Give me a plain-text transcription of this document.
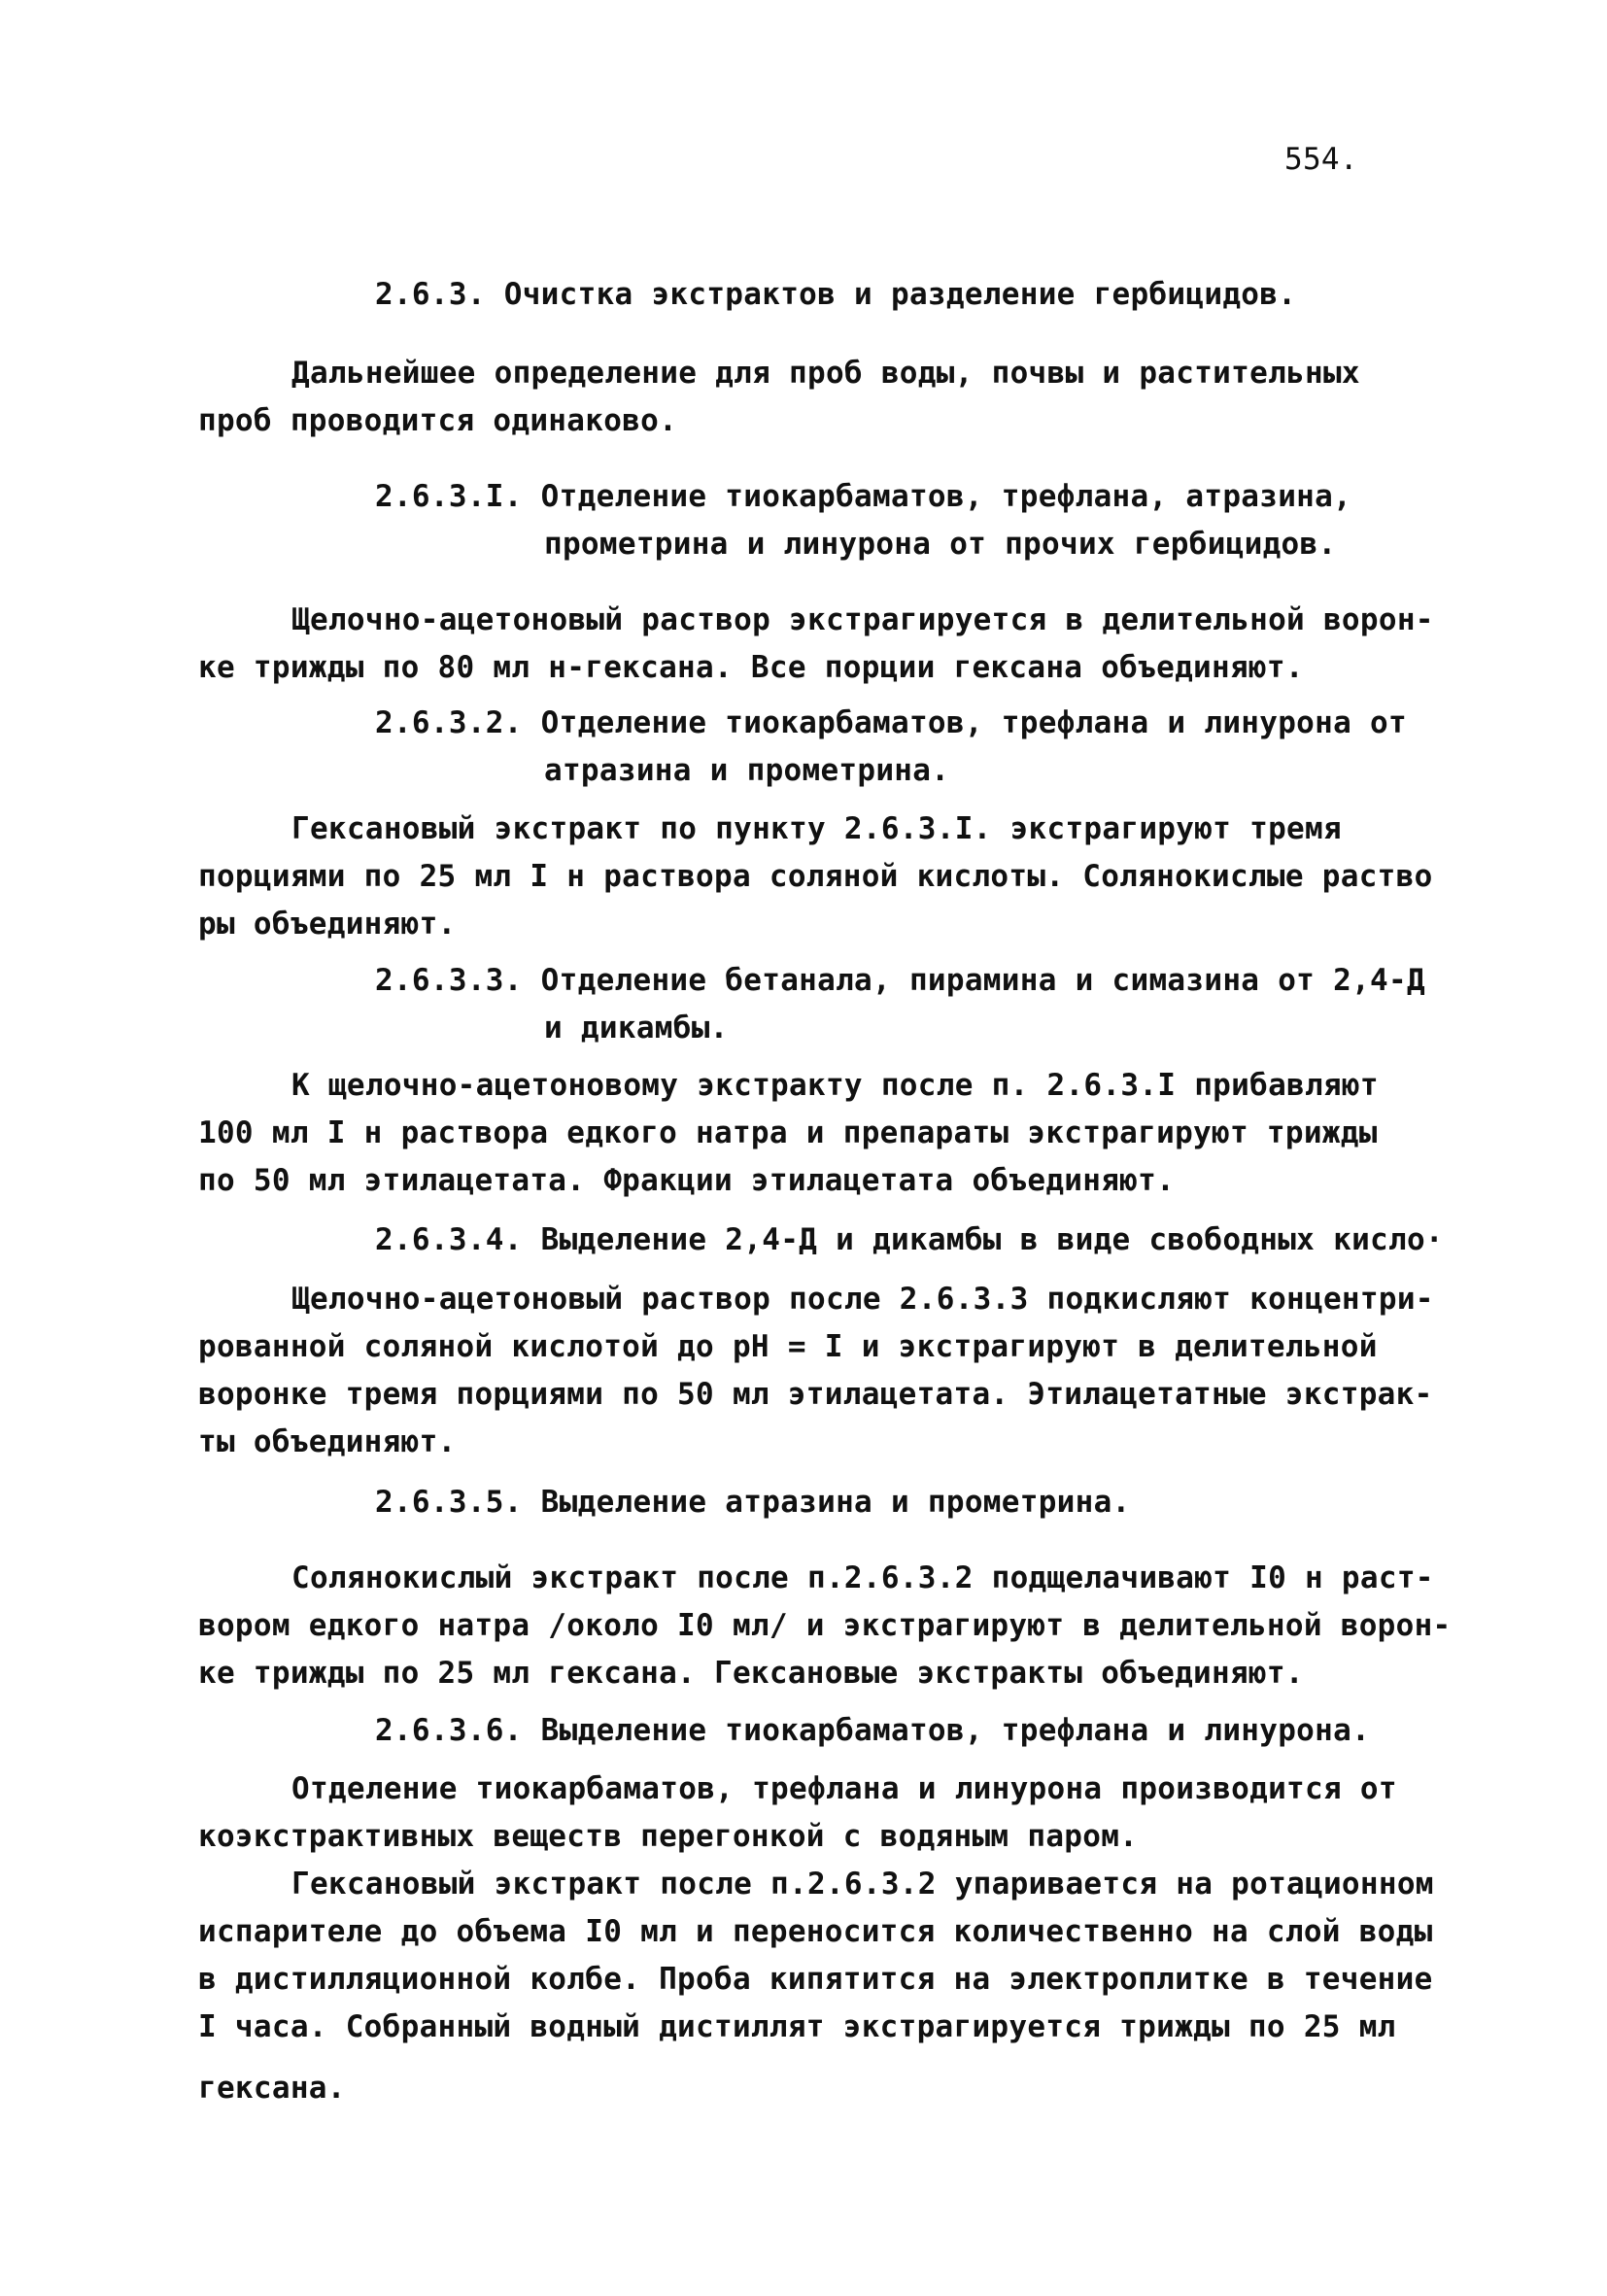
554.
2.6.3. Очистка экстрактов и разделение гербицидов.
Дальнейшее определение для проб воды, почвы и растительных
проб проводится одинаково.
2.6.3.I. Отделение тиокарбаматов, трефлана, атразина,
прометрина и линурона от прочих гербицидов.
Щелочно-ацетоновый раствор экстрагируется в делительной ворон-
ке трижды по 80 мл н-гексана. Все порции гексана объединяют.
2.6.3.2. Отделение тиокарбаматов, трефлана и линурона от
атразина и прометрина.
Гексановый экстракт по пункту 2.6.3.I. экстрагируют тремя
порциями по 25 мл I н раствора соляной кислоты. Солянокислые раство
ры объединяют.
2.6.3.3. Отделение бетанала, пирамина и симазина от 2,4-Д
и дикамбы.
К щелочно-ацетоновому экстракту после п. 2.6.3.I прибавляют
100 мл I н раствора едкого натра и препараты экстрагируют трижды
по 50 мл этилацетата. Фракции этилацетата объединяют.
2.6.3.4. Выделение 2,4-Д и дикамбы в виде свободных кисло·
Щелочно-ацетоновый раствор после 2.6.3.3 подкисляют концентри-
рованной соляной кислотой до pH = I и экстрагируют в делительной
воронке тремя порциями по 50 мл этилацетата. Этилацетатные экстрак-
ты объединяют.
2.6.3.5. Выделение атразина и прометрина.
Солянокислый экстракт после п.2.6.3.2 подщелачивают I0 н раст-
вором едкого натра /около I0 мл/ и экстрагируют в делительной ворон-
ке трижды по 25 мл гексана. Гексановые экстракты объединяют.
2.6.3.6. Выделение тиокарбаматов, трефлана и линурона.
Отделение тиокарбаматов, трефлана и линурона производится от
коэкстрактивных веществ перегонкой с водяным паром.
Гексановый экстракт после п.2.6.3.2 упаривается на ротационном
испарителе до объема I0 мл и переносится количественно на слой воды
в дистилляционной колбе. Проба кипятится на электроплитке в течение
I часа. Собранный водный дистиллят экстрагируется трижды по 25 мл
гексана.
